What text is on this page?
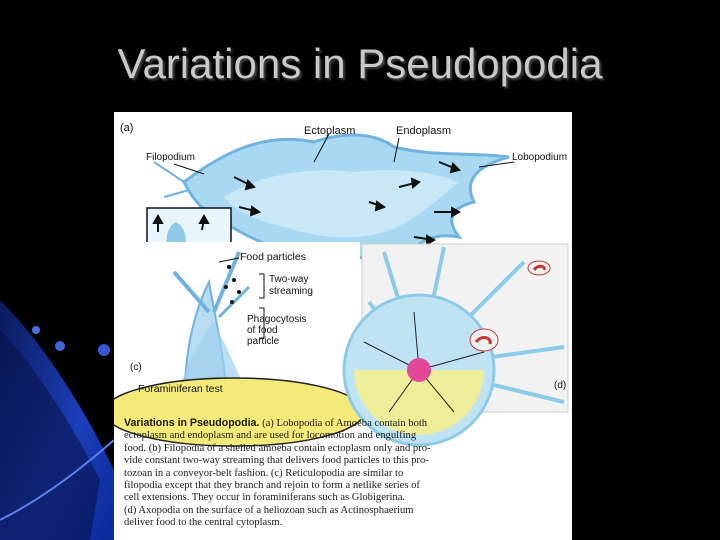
Variations in Pseudopodia
(a)	Ectoplasm	Endoplasm
Filopodium	Lobopodium
Food particles
Two-way
streaming
Phagocytosis
of food
particle
(c)
Foraminiferan test	(d)
Variations in Pseudopodia. (a) Lobopodia of Amoeba contain both
ectoplasm and endoplasm and are used for locomotion and engulfing
food. (b) Filopodia of a shelled amoeba contain ectoplasm only and pro-
vide constant two-way streaming that delivers food particles to this pro-
tozoan in a conveyor-belt fashion. (c) Reticulopodia are similar to
filopodia except that they branch and rejoin to form a netlike series of
cell extensions. They occur in foraminiferans such as Globigerina.
(d) Axopodia on the surface of a heliozoan such as Actinosphaerium
deliver food to the central cytoplasm.
